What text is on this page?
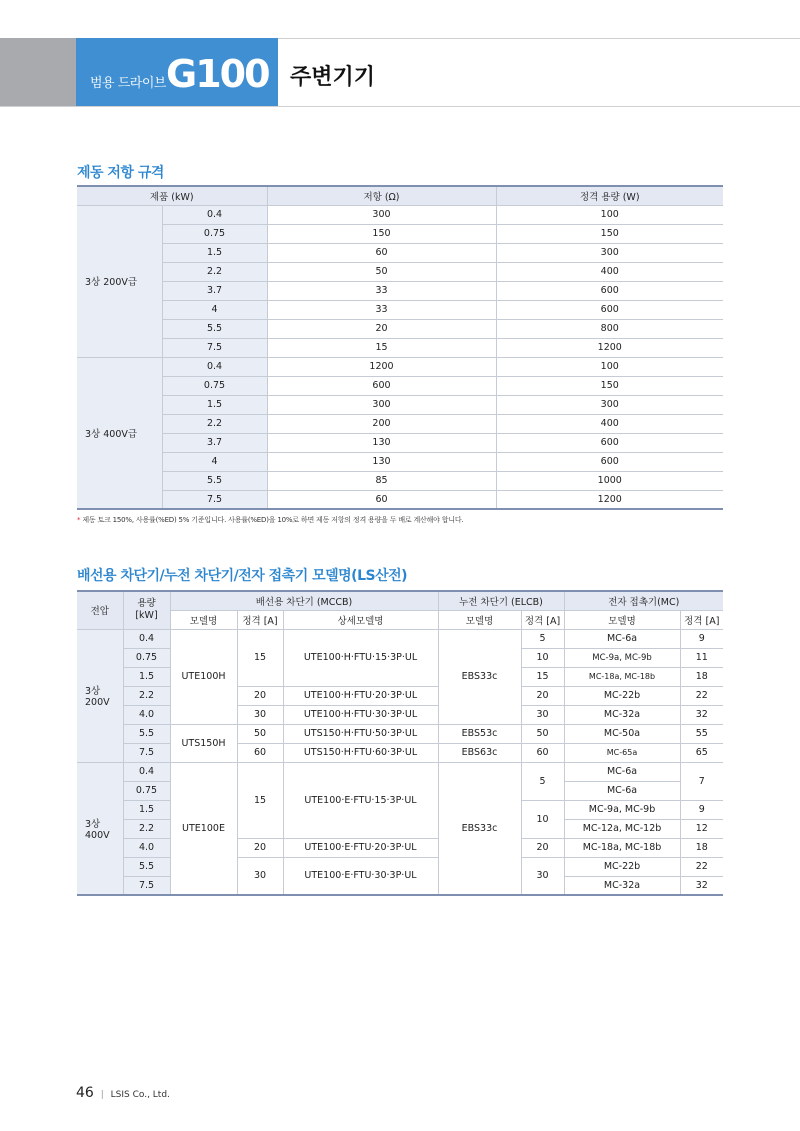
범용 드라이브 G100 주변기기
제동 저항 규격
제품 (kW)		저항 (Ω)	정격 용량 (W)
3상 200V급	0.4	300	100
	0.75	150	150
	1.5	60	300
	2.2	50	400
	3.7	33	600
	4	33	600
	5.5	20	800
	7.5	15	1200
3상 400V급	0.4	1200	100
	0.75	600	150
	1.5	300	300
	2.2	200	400
	3.7	130	600
	4	130	600
	5.5	85	1000
	7.5	60	1200
* 제동 토크 150%, 사용률(%ED) 5% 기준입니다. 사용률(%ED)을 10%로 하면 제동 저항의 정격 용량을 두 배로 계산해야 합니다.
배선용 차단기/누전 차단기/전자 접촉기 모델명(LS산전)
전압	용량
[kW]	배선용 차단기 (MCCB)			누전 차단기 (ELCB)		전자 접촉기(MC)	
		모델명	정격 [A]	상세모델명	모델명	정격 [A]	모델명	정격 [A]
3상
200V	0.4	UTE100H	15	UTE100·H·FTU·15·3P·UL	EBS33c	5	MC-6a	9
	0.75					10	MC-9a, MC-9b	11
	1.5					15	MC-18a, MC-18b	18
	2.2		20	UTE100·H·FTU·20·3P·UL		20	MC-22b	22
	4.0		30	UTE100·H·FTU·30·3P·UL		30	MC-32a	32
	5.5	UTS150H	50	UTS150·H·FTU·50·3P·UL	EBS53c	50	MC-50a	55
	7.5		60	UTS150·H·FTU·60·3P·UL	EBS63c	60	MC-65a	65
3상
400V	0.4	UTE100E	15	UTE100·E·FTU·15·3P·UL	EBS33c	5	MC-6a	7
	0.75						MC-6a	
	1.5					10	MC-9a, MC-9b	9
	2.2						MC-12a, MC-12b	12
	4.0		20	UTE100·E·FTU·20·3P·UL		20	MC-18a, MC-18b	18
	5.5		30	UTE100·E·FTU·30·3P·UL		30	MC-22b	22
	7.5						MC-32a	32
46 | LSIS Co., Ltd.
